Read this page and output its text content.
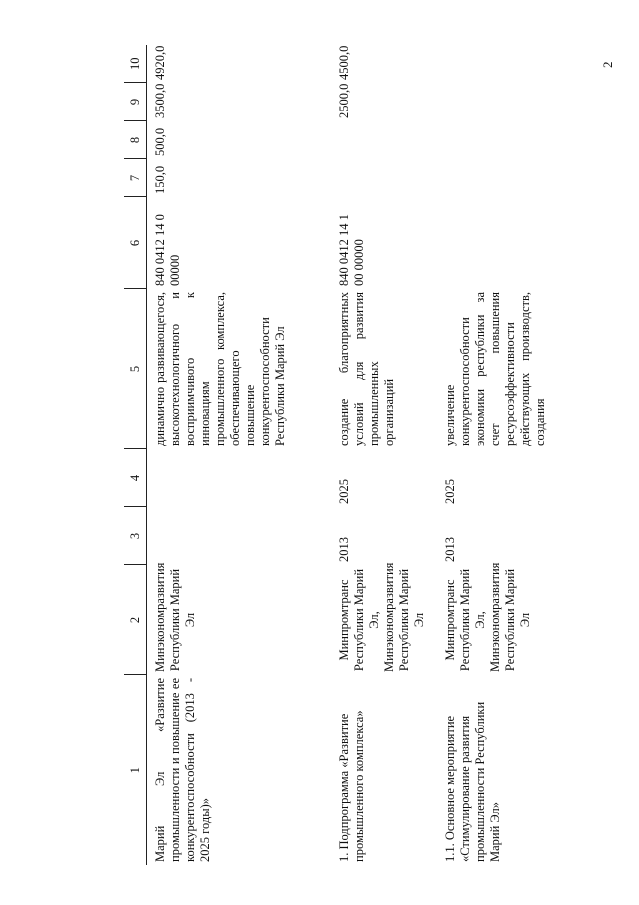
2
1	2	3	4	5	6	7	8	9	10
Марий Эл «Развитие промышленности и повышение ее конкурентоспособности (2013 - 2025 годы)»	Минэкономразвития Республики Марий Эл			динамично развивающегося, высокотехнологичного и восприимчивого к инновациям промышленного комплекса, обеспечивающего повышение конкурентоспособности Республики Марий Эл	840 0412 14 0 00000	150,0	500,0	3500,0	4920,0
1. Подпрограмма «Развитие промышленного комплекса»	Минпромтранс Республики Марий Эл, Минэкономразвития Республики Марий Эл	2013	2025	создание благоприятных условий для развития промышленных организаций	840 0412 14 1 00 00000			2500,0	4500,0
1.1. Основное мероприятие «Стимулирование развития промышленности Республики Марий Эл»	Минпромтранс Республики Марий Эл, Минэкономразвития Республики Марий Эл	2013	2025	увеличение конкурентоспособности экономики республики за счет повышения ресурсоэффективности действующих производств, создания					
